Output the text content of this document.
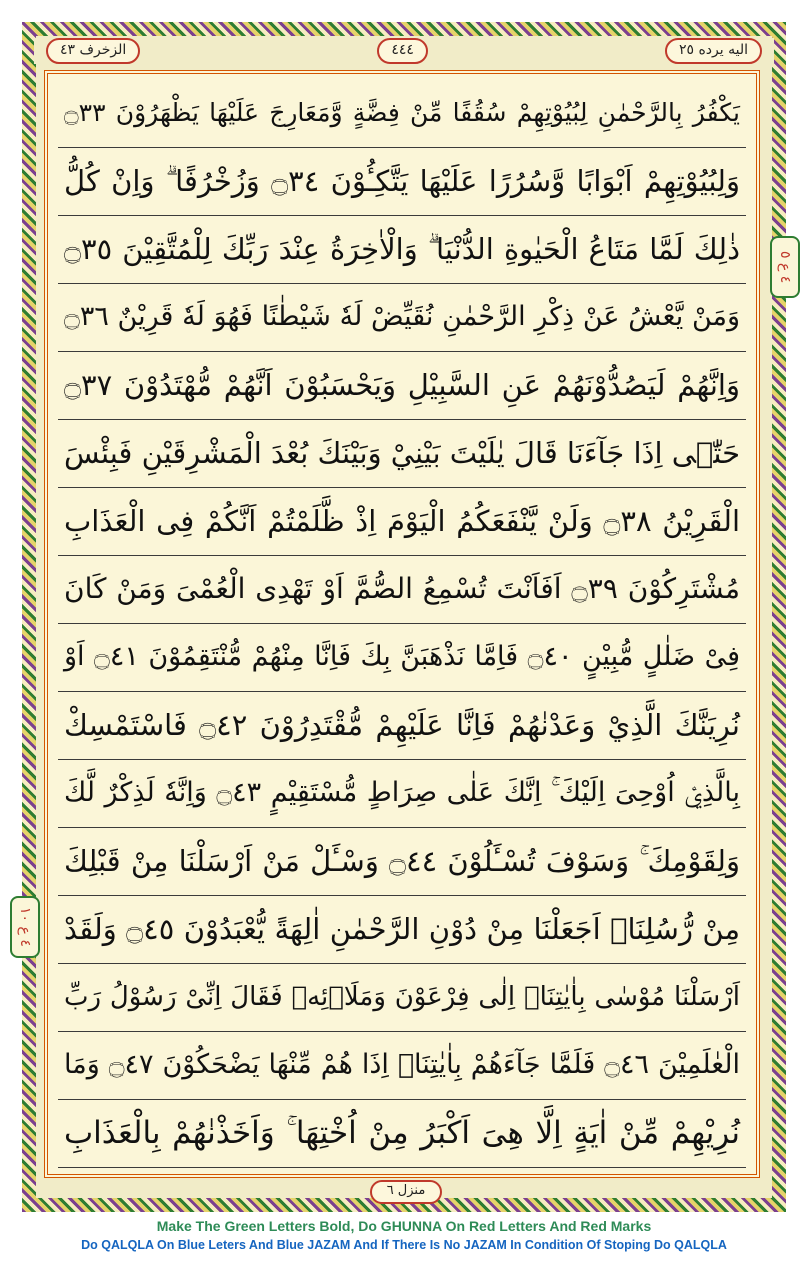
الزخرف ٤٣	٤٤٤	اليه يرده ٢٥
يَكْفُرُ بِالرَّحْمٰنِ لِبُيُوْتِهِمْ سُقُفًا مِّنْ فِضَّةٍ وَّمَعَارِجَ عَلَيْهَا يَظْهَرُوْنَ ۝٣٣
وَلِبُيُوْتِهِمْ اَبْوَابًا وَّسُرُرًا عَلَيْهَا يَتَّكِـُٔوْنَ ۝٣٤ وَزُخْرُفًا ۗ وَاِنْ كُلُّ
ذٰلِكَ لَمَّا مَتَاعُ الْحَيٰوةِ الدُّنْيَا ۗ وَالْاٰخِرَةُ عِنْدَ رَبِّكَ لِلْمُتَّقِيْنَ ۝٣٥
وَمَنْ يَّعْشُ عَنْ ذِكْرِ الرَّحْمٰنِ نُقَيِّضْ لَهٗ شَيْطٰنًا فَهُوَ لَهٗ قَرِيْنٌ ۝٣٦
وَاِنَّهُمْ لَيَصُدُّوْنَهُمْ عَنِ السَّبِيْلِ وَيَحْسَبُوْنَ اَنَّهُمْ مُّهْتَدُوْنَ ۝٣٧
حَتّٰۤى اِذَا جَآءَنَا قَالَ يٰلَيْتَ بَيْنِيْ وَبَيْنَكَ بُعْدَ الْمَشْرِقَيْنِ فَبِئْسَ
الْقَرِيْنُ ۝٣٨ وَلَنْ يَّنْفَعَكُمُ الْيَوْمَ اِذْ ظَّلَمْتُمْ اَنَّكُمْ فِى الْعَذَابِ
مُشْتَرِكُوْنَ ۝٣٩ اَفَاَنْتَ تُسْمِعُ الصُّمَّ اَوْ تَهْدِى الْعُمْىَ وَمَنْ كَانَ
فِىْ ضَلٰلٍ مُّبِيْنٍ ۝٤٠ فَاِمَّا نَذْهَبَنَّ بِكَ فَاِنَّا مِنْهُمْ مُّنْتَقِمُوْنَ ۝٤١ اَوْ
نُرِيَنَّكَ الَّذِيْ وَعَدْنٰهُمْ فَاِنَّا عَلَيْهِمْ مُّقْتَدِرُوْنَ ۝٤٢ فَاسْتَمْسِكْ
بِالَّذِيْۤ اُوْحِىَ اِلَيْكَ ۚ اِنَّكَ عَلٰى صِرَاطٍ مُّسْتَقِيْمٍ ۝٤٣ وَاِنَّهٗ لَذِكْرٌ لَّكَ
وَلِقَوْمِكَ ۚ وَسَوْفَ تُسْـَٔلُوْنَ ۝٤٤ وَسْـَٔلْ مَنْ اَرْسَلْنَا مِنْ قَبْلِكَ
مِنْ رُّسُلِنَاۤ اَجَعَلْنَا مِنْ دُوْنِ الرَّحْمٰنِ اٰلِهَةً يُّعْبَدُوْنَ ۝٤٥ وَلَقَدْ
اَرْسَلْنَا مُوْسٰى بِاٰيٰتِنَاۤ اِلٰى فِرْعَوْنَ وَمَلَا۟ئِهٖ فَقَالَ اِنِّىْ رَسُوْلُ رَبِّ
الْعٰلَمِيْنَ ۝٤٦ فَلَمَّا جَآءَهُمْ بِاٰيٰتِنَاۤ اِذَا هُمْ مِّنْهَا يَضْحَكُوْنَ ۝٤٧ وَمَا
نُرِيْهِمْ مِّنْ اٰيَةٍ اِلَّا هِىَ اَكْبَرُ مِنْ اُخْتِهَا ۚ وَاَخَذْنٰهُمْ بِالْعَذَابِ
٤ ع ٥
٤ ع ١٠
منزل ٦
Make The Green Letters Bold, Do GHUNNA On Red Letters And Red Marks
Do QALQLA On Blue Leters And Blue JAZAM And If There Is No JAZAM In Condition Of Stoping Do QALQLA
